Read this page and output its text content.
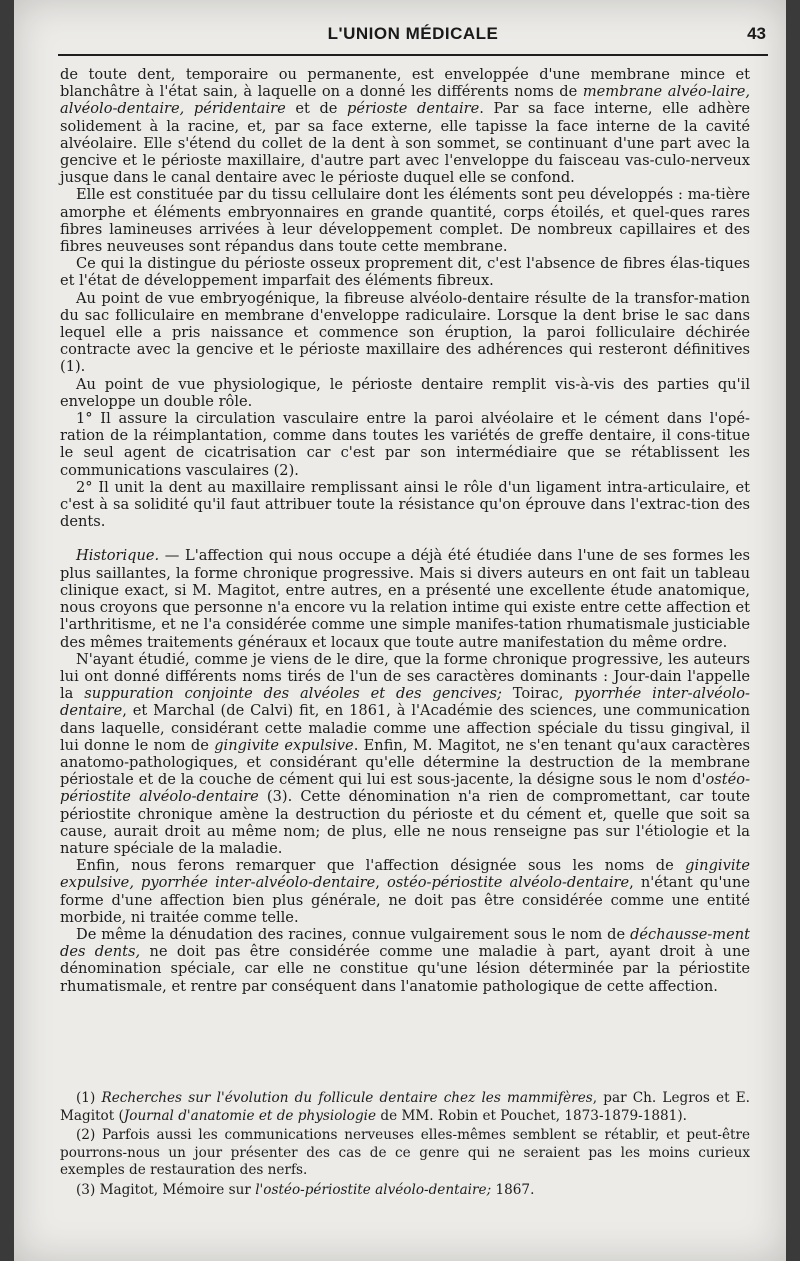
L'UNION MÉDICALE	43

de toute dent, temporaire ou permanente, est enveloppée d'une membrane mince et blanchâtre à l'état sain, à laquelle on a donné les différents noms de membrane alvéo-laire, alvéolo-dentaire, péridentaire et de périoste dentaire. Par sa face interne, elle adhère solidement à la racine, et, par sa face externe, elle tapisse la face interne de la cavité alvéolaire. Elle s'étend du collet de la dent à son sommet, se continuant d'une part avec la gencive et le périoste maxillaire, d'autre part avec l'enveloppe du faisceau vas-culo-nerveux jusque dans le canal dentaire avec le périoste duquel elle se confond.

Elle est constituée par du tissu cellulaire dont les éléments sont peu développés : ma-tière amorphe et éléments embryonnaires en grande quantité, corps étoilés, et quel-ques rares fibres lamineuses arrivées à leur développement complet. De nombreux capillaires et des fibres neuveuses sont répandus dans toute cette membrane.

Ce qui la distingue du périoste osseux proprement dit, c'est l'absence de fibres élas-tiques et l'état de développement imparfait des éléments fibreux.

Au point de vue embryogénique, la fibreuse alvéolo-dentaire résulte de la transfor-mation du sac folliculaire en membrane d'enveloppe radiculaire. Lorsque la dent brise le sac dans lequel elle a pris naissance et commence son éruption, la paroi folliculaire déchirée contracte avec la gencive et le périoste maxillaire des adhérences qui resteront définitives (1).

Au point de vue physiologique, le périoste dentaire remplit vis-à-vis des parties qu'il enveloppe un double rôle.

1° Il assure la circulation vasculaire entre la paroi alvéolaire et le cément dans l'opé-ration de la réimplantation, comme dans toutes les variétés de greffe dentaire, il cons-titue le seul agent de cicatrisation car c'est par son intermédiaire que se rétablissent les communications vasculaires (2).

2° Il unit la dent au maxillaire remplissant ainsi le rôle d'un ligament intra-articulaire, et c'est à sa solidité qu'il faut attribuer toute la résistance qu'on éprouve dans l'extrac-tion des dents.

Historique. — L'affection qui nous occupe a déjà été étudiée dans l'une de ses formes les plus saillantes, la forme chronique progressive. Mais si divers auteurs en ont fait un tableau clinique exact, si M. Magitot, entre autres, en a présenté une excellente étude anatomique, nous croyons que personne n'a encore vu la relation intime qui existe entre cette affection et l'arthritisme, et ne l'a considérée comme une simple manifes-tation rhumatismale justiciable des mêmes traitements généraux et locaux que toute autre manifestation du même ordre.

N'ayant étudié, comme je viens de le dire, que la forme chronique progressive, les auteurs lui ont donné différents noms tirés de l'un de ses caractères dominants : Jour-dain l'appelle la suppuration conjointe des alvéoles et des gencives; Toirac, pyorrhée inter-alvéolo-dentaire, et Marchal (de Calvi) fit, en 1861, à l'Académie des sciences, une communication dans laquelle, considérant cette maladie comme une affection spéciale du tissu gingival, il lui donne le nom de gingivite expulsive. Enfin, M. Magitot, ne s'en tenant qu'aux caractères anatomo-pathologiques, et considérant qu'elle détermine la destruction de la membrane périostale et de la couche de cément qui lui est sous-jacente, la désigne sous le nom d'ostéo-périostite alvéolo-dentaire (3). Cette dénomination n'a rien de compromettant, car toute périostite chronique amène la destruction du périoste et du cément et, quelle que soit sa cause, aurait droit au même nom; de plus, elle ne nous renseigne pas sur l'étiologie et la nature spéciale de la maladie.

Enfin, nous ferons remarquer que l'affection désignée sous les noms de gingivite expulsive, pyorrhée inter-alvéolo-dentaire, ostéo-périostite alvéolo-dentaire, n'étant qu'une forme d'une affection bien plus générale, ne doit pas être considérée comme une entité morbide, ni traitée comme telle.

De même la dénudation des racines, connue vulgairement sous le nom de déchausse-ment des dents, ne doit pas être considérée comme une maladie à part, ayant droit à une dénomination spéciale, car elle ne constitue qu'une lésion déterminée par la périostite rhumatismale, et rentre par conséquent dans l'anatomie pathologique de cette affection.

(1) Recherches sur l'évolution du follicule dentaire chez les mammifères, par Ch. Legros et E. Magitot (Journal d'anatomie et de physiologie de MM. Robin et Pouchet, 1873-1879-1881).

(2) Parfois aussi les communications nerveuses elles-mêmes semblent se rétablir, et peut-être pourrons-nous un jour présenter des cas de ce genre qui ne seraient pas les moins curieux exemples de restauration des nerfs.

(3) Magitot, Mémoire sur l'ostéo-périostite alvéolo-dentaire; 1867.
